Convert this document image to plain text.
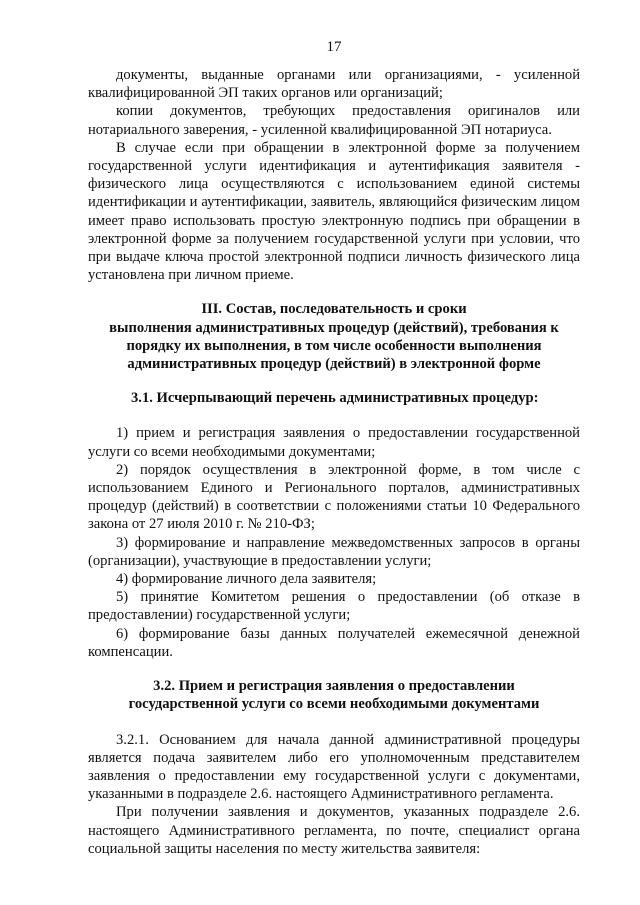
17

документы, выданные органами или организациями, - усиленной квалифицированной ЭП таких органов или организаций;

копии документов, требующих предоставления оригиналов или нотариального заверения, - усиленной квалифицированной ЭП нотариуса.

В случае если при обращении в электронной форме за получением государственной услуги идентификация и аутентификация заявителя - физического лица осуществляются с использованием единой системы идентификации и аутентификации, заявитель, являющийся физическим лицом имеет право использовать простую электронную подпись при обращении в электронной форме за получением государственной услуги при условии, что при выдаче ключа простой электронной подписи личность физического лица установлена при личном приеме.

III. Состав, последовательность и сроки
выполнения административных процедур (действий), требования к
порядку их выполнения, в том числе особенности выполнения
административных процедур (действий) в электронной форме

3.1. Исчерпывающий перечень административных процедур:

1) прием и регистрация заявления о предоставлении государственной услуги со всеми необходимыми документами;

2) порядок осуществления в электронной форме, в том числе с использованием Единого и Регионального порталов, административных процедур (действий) в соответствии с положениями статьи 10 Федерального закона от 27 июля 2010 г. № 210-ФЗ;

3) формирование и направление межведомственных запросов в органы (организации), участвующие в предоставлении услуги;

4) формирование личного дела заявителя;

5) принятие Комитетом решения о предоставлении (об отказе в предоставлении) государственной услуги;

6) формирование базы данных получателей ежемесячной денежной компенсации.

3.2. Прием и регистрация заявления о предоставлении
государственной услуги со всеми необходимыми документами

3.2.1. Основанием для начала данной административной процедуры является подача заявителем либо его уполномоченным представителем заявления о предоставлении ему государственной услуги с документами, указанными в подразделе 2.6. настоящего Административного регламента.

При получении заявления и документов, указанных подразделе 2.6. настоящего Административного регламента, по почте, специалист органа социальной защиты населения по месту жительства заявителя:
